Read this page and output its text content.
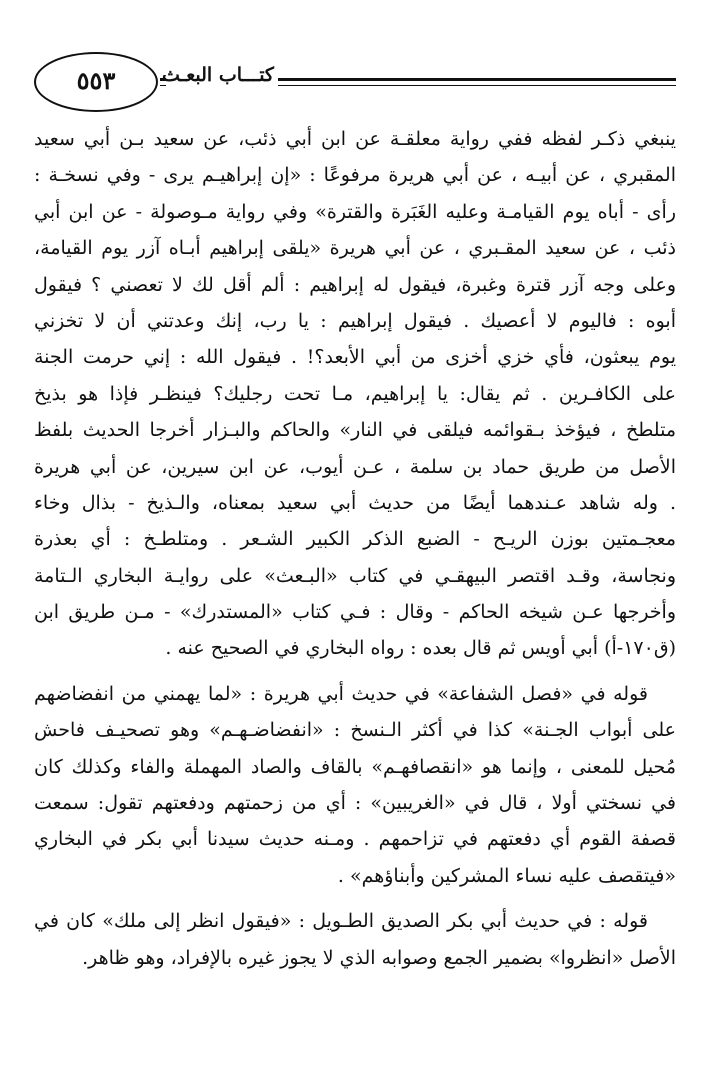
٥٥٣	كتـــاب البعـث
ينبغي ذكـر لفظه ففي رواية معلقـة عن ابن أبي ذئب، عن سعيد بـن أبي سعيد
المقبري ، عن أبيـه ، عن أبي هريرة مرفوعًا : «إن إبراهيـم يرى - وفي نسخـة :
رأى - أباه يوم القيامـة وعليه الغَبَرة والقترة» وفي رواية مـوصولة - عن ابن أبي
ذئب ، عن سعيد المقـبري ، عن أبي هريرة «يلقى إبراهيم أبـاه آزر يوم القيامة،
وعلى وجه آزر قترة وغبرة، فيقول له إبراهيم : ألم أقل لك لا تعصني ؟ فيقول
أبوه : فاليوم لا أعصيك . فيقول إبراهيم : يا رب، إنك وعدتني أن لا تخزني
يوم يبعثون، فأي خزي أخزى من أبي الأبعد؟! . فيقول الله : إني حرمت الجنة
على الكافـرين . ثم يقال: يا إبراهيم، مـا تحت رجليك؟ فينظـر فإذا هو بذيخ
متلطخ ، فيؤخذ بـقوائمه فيلقى في النار» والحاكم والبـزار أخرجا الحديث بلفظ
الأصل من طريق حماد بن سلمة ، عـن أيوب، عن ابن سيرين، عن أبي هريرة
. وله شاهد عـندهما أيضًا من حديث أبي سعيد بمعناه، والـذيخ - بذال وخاء
معجـمتين بوزن الريـح - الضبع الذكر الكبير الشـعر . ومتلطـخ : أي بعذرة
ونجاسة، وقـد اقتصر البيهقـي في كتاب «البـعث» على روايـة البخاري الـتامة
وأخرجها عـن شيخه الحاكم - وقال : فـي كتاب «المستدرك» - مـن طريق ابن
(ق١٧٠-أ) أبي أويس ثم قال بعده : رواه البخاري في الصحيح عنه .
قوله في «فصل الشفاعة» في حديث أبي هريرة : «لما يهمني من انفضاضهم
على أبواب الجـنة» كذا في أكثر الـنسخ : «انفضاضـهـم» وهو تصحيـف فاحش
مُحيل للمعنى ، وإنما هو «انقصافهـم» بالقاف والصاد المهملة والفاء وكذلك كان
في نسختي أولا ، قال في «الغريبين» : أي من زحمتهم ودفعتهم تقول: سمعت
قصفة القوم أي دفعتهم في تزاحمهم . ومـنه حديث سيدنا أبي بكر في البخاري
«فيتقصف عليه نساء المشركين وأبناؤهم» .
قوله : في حديث أبي بكر الصديق الطـويل : «فيقول انظر إلى ملك» كان في
الأصل «انظروا» بضمير الجمع وصوابه الذي لا يجوز غيره بالإفراد، وهو ظاهر.
